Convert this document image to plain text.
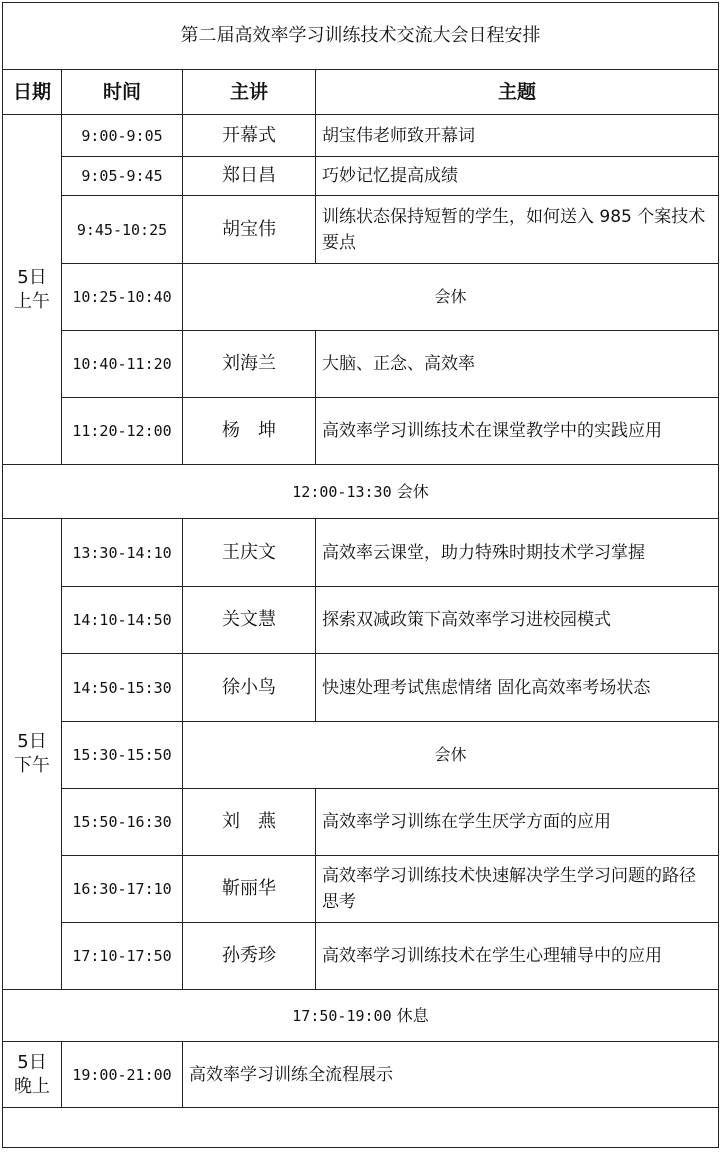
第二届高效率学习训练技术交流大会日程安排			
日期	时间	主讲	主题
5日上午	9:00-9:05	开幕式	胡宝伟老师致开幕词
	9:05-9:45	郑日昌	巧妙记忆提高成绩
	9:45-10:25	胡宝伟	训练状态保持短暂的学生，如何送入 985 个案技术要点
	10:25-10:40	会休	
	10:40-11:20	刘海兰	大脑、正念、高效率
	11:20-12:00	杨　坤	高效率学习训练技术在课堂教学中的实践应用
12:00-13:30 会休			
5日下午	13:30-14:10	王庆文	高效率云课堂，助力特殊时期技术学习掌握
	14:10-14:50	关文慧	探索双减政策下高效率学习进校园模式
	14:50-15:30	徐小鸟	快速处理考试焦虑情绪 固化高效率考场状态
	15:30-15:50	会休	
	15:50-16:30	刘　燕	高效率学习训练在学生厌学方面的应用
	16:30-17:10	靳丽华	高效率学习训练技术快速解决学生学习问题的路径思考
	17:10-17:50	孙秀珍	高效率学习训练技术在学生心理辅导中的应用
17:50-19:00 休息			
5日晚上	19:00-21:00	高效率学习训练全流程展示	
